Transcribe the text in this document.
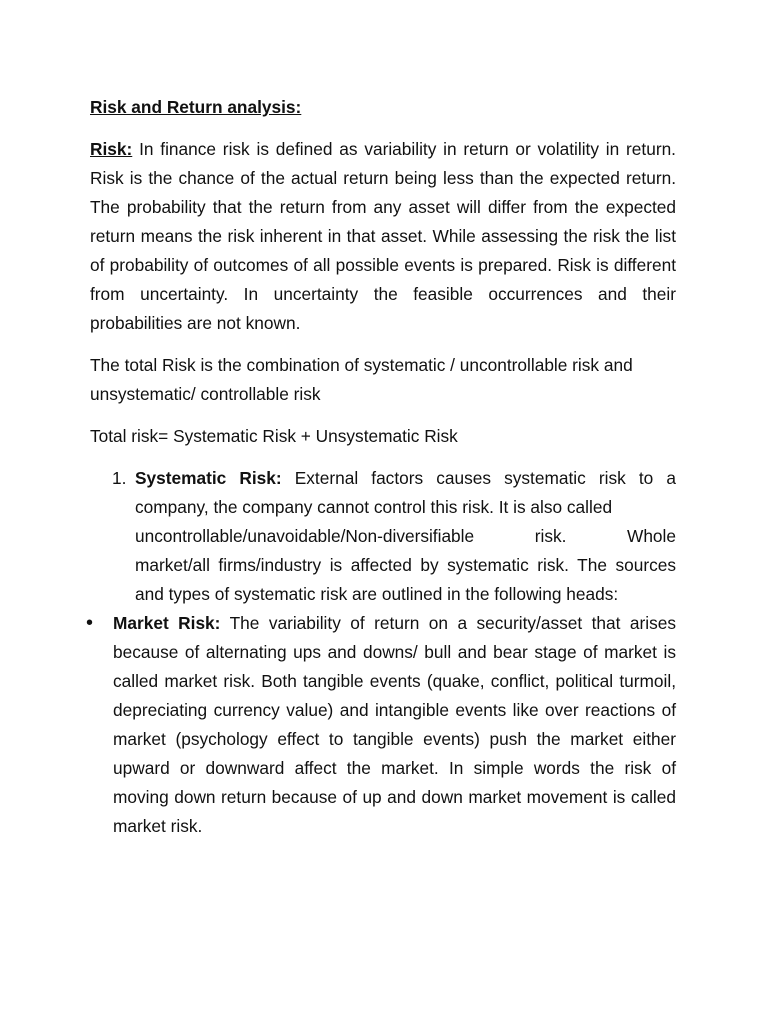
Risk and Return analysis:

Risk: In finance risk is defined as variability in return or volatility in return. Risk is the chance of the actual return being less than the expected return. The probability that the return from any asset will differ from the expected return means the risk inherent in that asset. While assessing the risk the list of probability of outcomes of all possible events is prepared. Risk is different from uncertainty. In uncertainty the feasible occurrences and their probabilities are not known.

The total Risk is the combination of systematic / uncontrollable risk and unsystematic/ controllable risk

Total risk= Systematic Risk + Unsystematic Risk

1. Systematic Risk: External factors causes systematic risk to a company, the company cannot control this risk. It is also called

uncontrollable/unavoidable/Non-diversifiable risk. Whole

market/all firms/industry is affected by systematic risk. The sources and types of systematic risk are outlined in the following heads:

• Market Risk: The variability of return on a security/asset that arises because of alternating ups and downs/ bull and bear stage of market is called market risk. Both tangible events (quake, conflict, political turmoil, depreciating currency value) and intangible events like over reactions of market (psychology effect to tangible events) push the market either upward or downward affect the market. In simple words the risk of moving down return because of up and down market movement is called market risk.
